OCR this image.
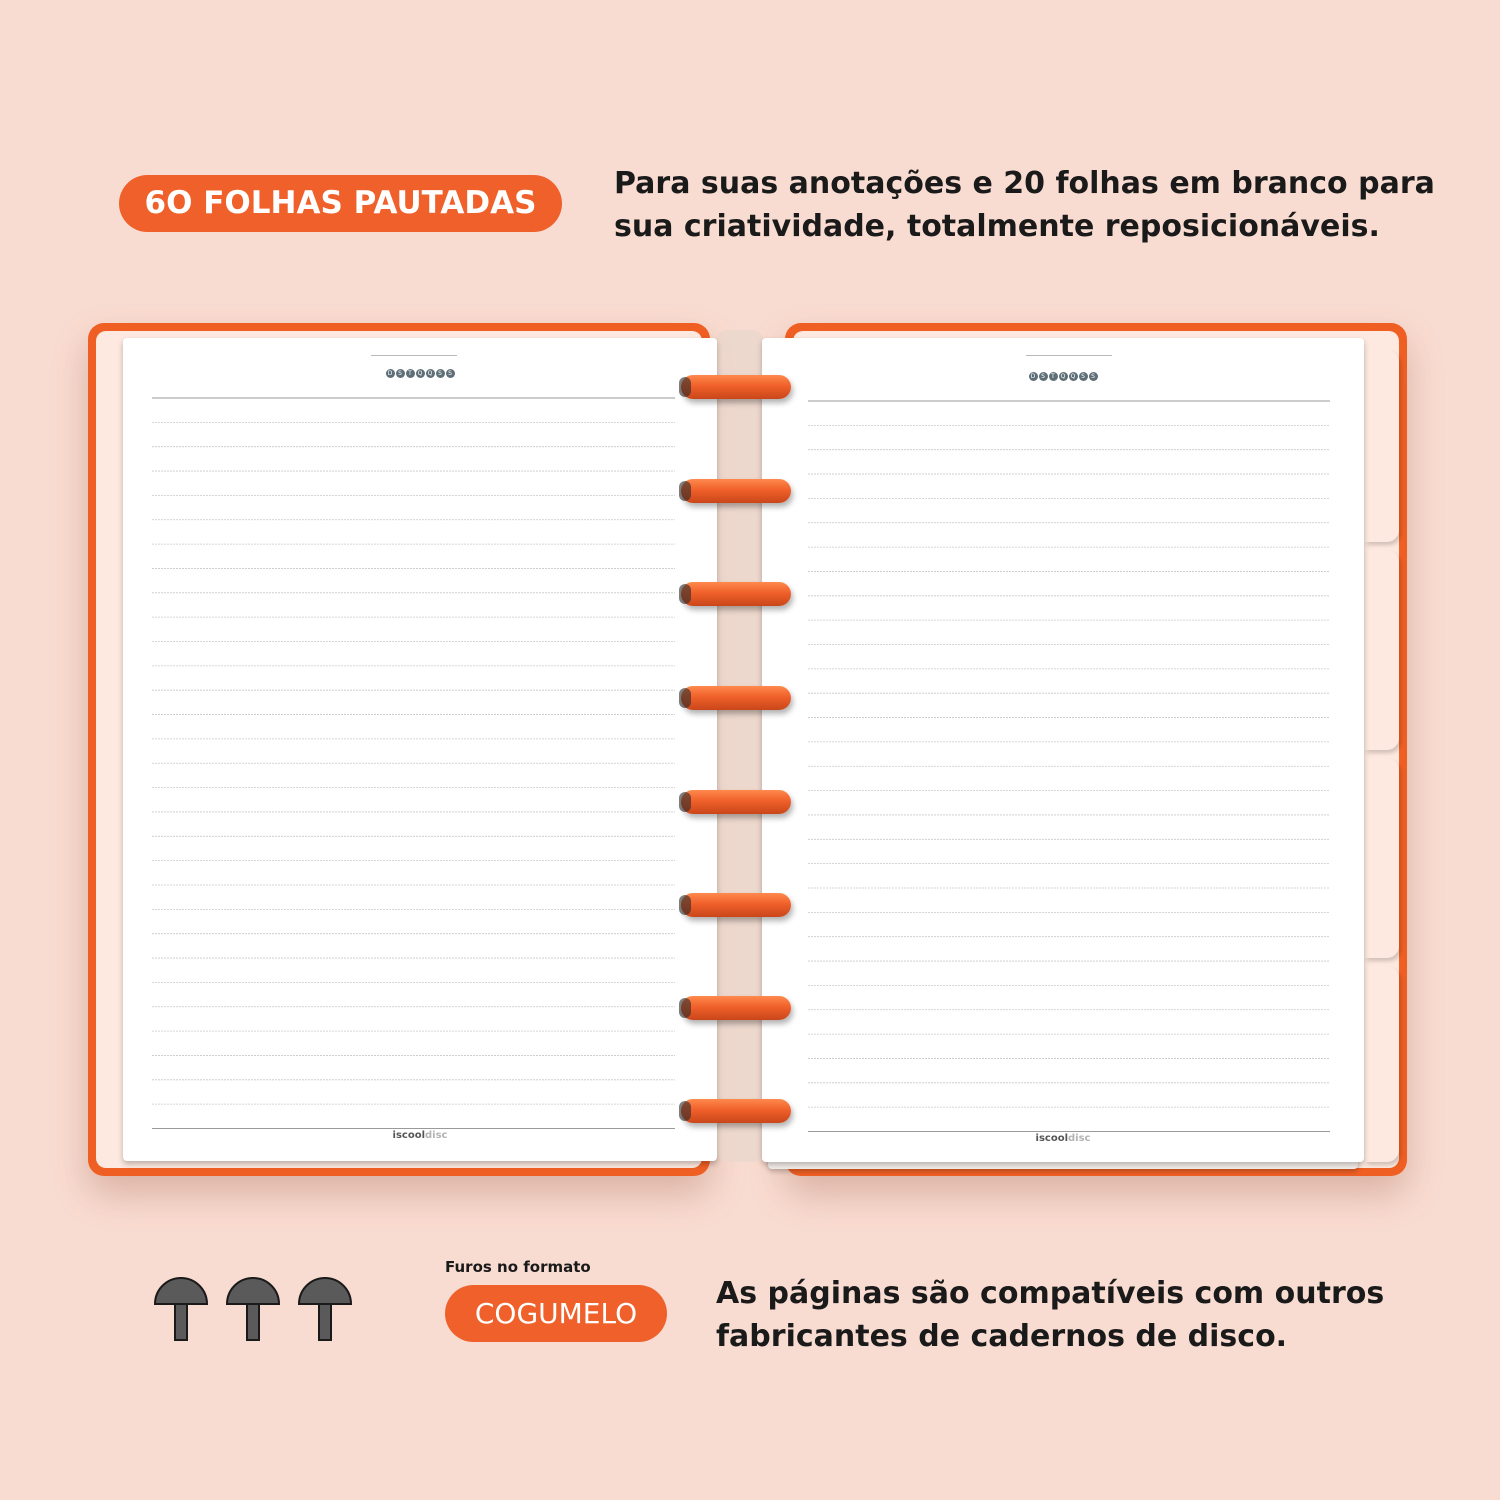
6O FOLHAS PAUTADAS
Para suas anotações e 20 folhas em branco para sua criatividade, totalmente reposicionáveis.
D S T Q Q S S
iscooldisc
D S T Q Q S S
iscooldisc
Furos no formato
COGUMELO
As páginas são compatíveis com outros fabricantes de cadernos de disco.
